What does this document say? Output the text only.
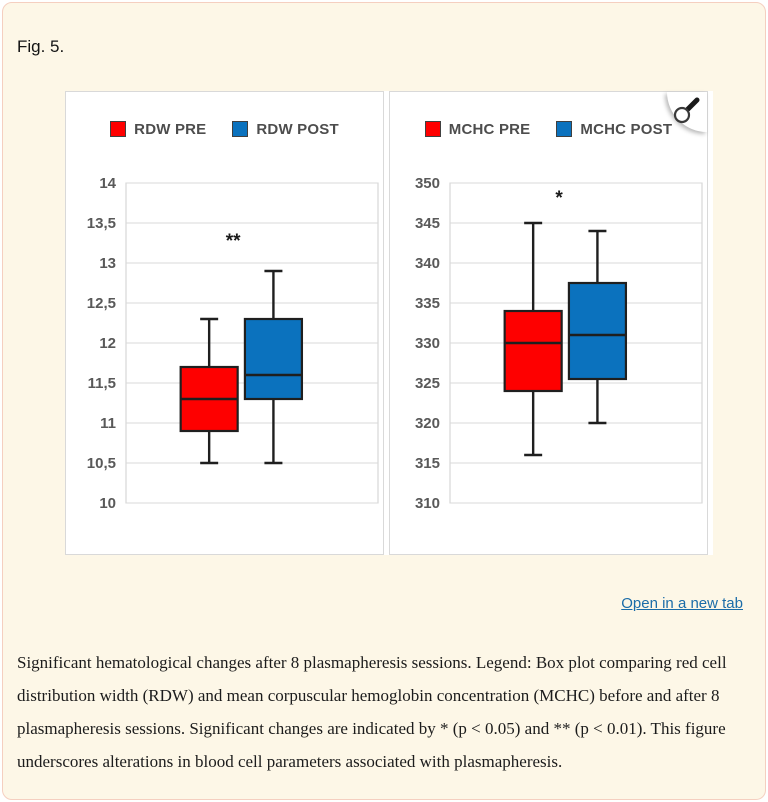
Fig. 5.
RDW PRE	RDW POST
14
13,5
13
12,5
12
11,5
11
10,5
10
**
MCHC PRE	MCHC POST
350
345
340
335
330
325
320
315
310
*
Open in a new tab

Significant hematological changes after 8 plasmapheresis sessions. Legend: Box plot comparing red cell distribution width (RDW) and mean corpuscular hemoglobin concentration (MCHC) before and after 8 plasmapheresis sessions. Significant changes are indicated by * (p < 0.05) and ** (p < 0.01). This figure underscores alterations in blood cell parameters associated with plasmapheresis.
